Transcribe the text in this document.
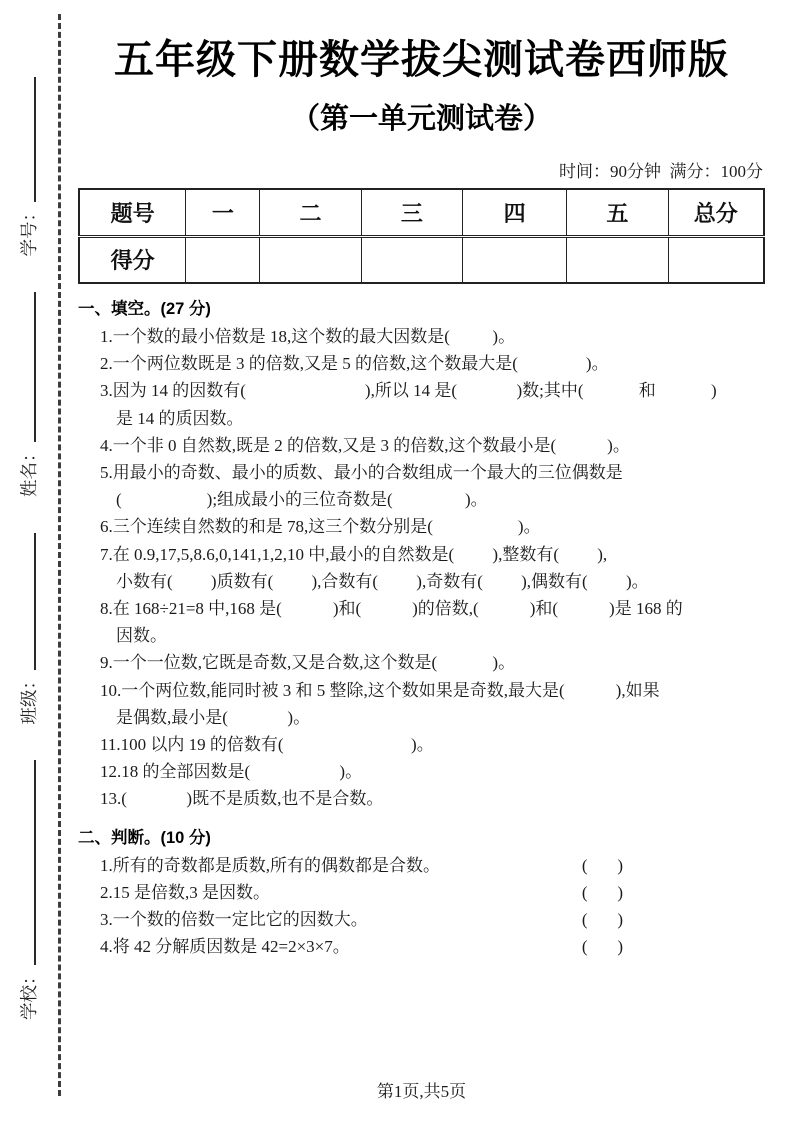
学校：
班级：
姓名：
学号：
五年级下册数学拔尖测试卷西师版
（第一单元测试卷）
时间：90分钟  满分：100分
题号	一	二	三	四	五	总分
得分						
一、填空。(27 分)
1.一个数的最小倍数是 18,这个数的最大因数是(          )。
2.一个两位数既是 3 的倍数,又是 5 的倍数,这个数最大是(                )。
3.因为 14 的因数有(                            ),所以 14 是(              )数;其中(             和             )
是 14 的质因数。
4.一个非 0 自然数,既是 2 的倍数,又是 3 的倍数,这个数最小是(            )。
5.用最小的奇数、最小的质数、最小的合数组成一个最大的三位偶数是
(                    );组成最小的三位奇数是(                 )。
6.三个连续自然数的和是 78,这三个数分别是(                    )。
7.在 0.9,17,5,8.6,0,141,1,2,10 中,最小的自然数是(         ),整数有(         ),
小数有(         )质数有(         ),合数有(         ),奇数有(         ),偶数有(         )。
8.在 168÷21=8 中,168 是(            )和(            )的倍数,(            )和(            )是 168 的
因数。
9.一个一位数,它既是奇数,又是合数,这个数是(             )。
10.一个两位数,能同时被 3 和 5 整除,这个数如果是奇数,最大是(            ),如果
是偶数,最小是(              )。
11.100 以内 19 的倍数有(                              )。
12.18 的全部因数是(                     )。
13.(              )既不是质数,也不是合数。
二、判断。(10 分)
1.所有的奇数都是质数,所有的偶数都是合数。	(       )
2.15 是倍数,3 是因数。	(       )
3.一个数的倍数一定比它的因数大。	(       )
4.将 42 分解质因数是 42=2×3×7。	(       )
第1页,共5页
